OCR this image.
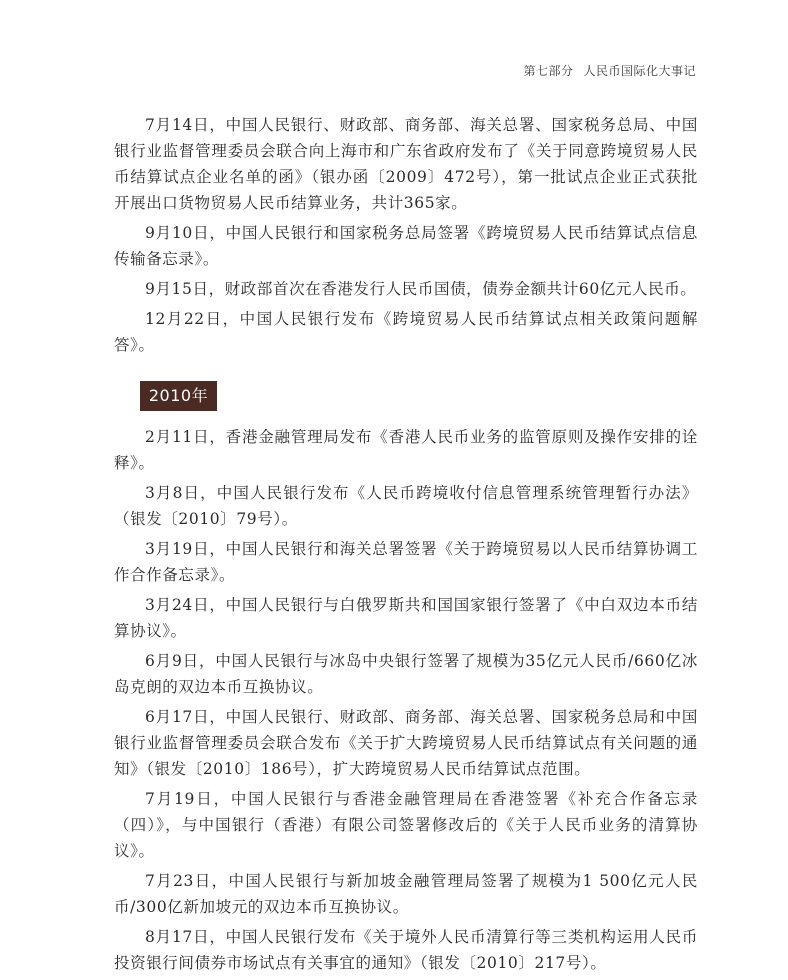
第七部分 人民币国际化大事记

7月14日，中国人民银行、财政部、商务部、海关总署、国家税务总局、中国银行业监督管理委员会联合向上海市和广东省政府发布了《关于同意跨境贸易人民币结算试点企业名单的函》（银办函〔2009〕472号），第一批试点企业正式获批开展出口货物贸易人民币结算业务，共计365家。

9月10日，中国人民银行和国家税务总局签署《跨境贸易人民币结算试点信息传输备忘录》。

9月15日，财政部首次在香港发行人民币国债，债券金额共计60亿元人民币。

12月22日，中国人民银行发布《跨境贸易人民币结算试点相关政策问题解答》。

2010年

2月11日，香港金融管理局发布《香港人民币业务的监管原则及操作安排的诠释》。

3月8日，中国人民银行发布《人民币跨境收付信息管理系统管理暂行办法》（银发〔2010〕79号）。

3月19日，中国人民银行和海关总署签署《关于跨境贸易以人民币结算协调工作合作备忘录》。

3月24日，中国人民银行与白俄罗斯共和国国家银行签署了《中白双边本币结算协议》。

6月9日，中国人民银行与冰岛中央银行签署了规模为35亿元人民币/660亿冰岛克朗的双边本币互换协议。

6月17日，中国人民银行、财政部、商务部、海关总署、国家税务总局和中国银行业监督管理委员会联合发布《关于扩大跨境贸易人民币结算试点有关问题的通知》（银发〔2010〕186号），扩大跨境贸易人民币结算试点范围。

7月19日，中国人民银行与香港金融管理局在香港签署《补充合作备忘录（四）》，与中国银行（香港）有限公司签署修改后的《关于人民币业务的清算协议》。

7月23日，中国人民银行与新加坡金融管理局签署了规模为1 500亿元人民币/300亿新加坡元的双边本币互换协议。

8月17日，中国人民银行发布《关于境外人民币清算行等三类机构运用人民币投资银行间债券市场试点有关事宜的通知》（银发〔2010〕217号）。
